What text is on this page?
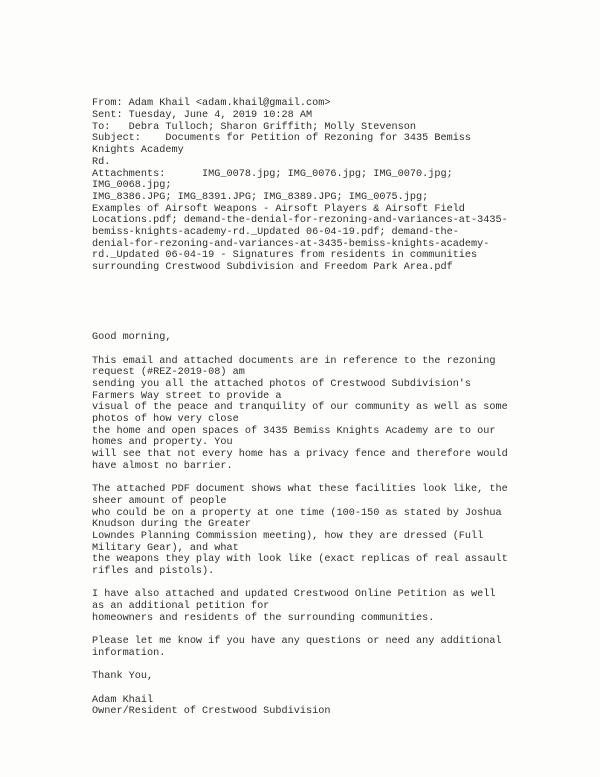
From: Adam Khail <adam.khail@gmail.com>
Sent: Tuesday, June 4, 2019 10:28 AM
To:   Debra Tulloch; Sharon Griffith; Molly Stevenson
Subject:    Documents for Petition of Rezoning for 3435 Bemiss
Knights Academy
Rd.
Attachments:      IMG_0078.jpg; IMG_0076.jpg; IMG_0070.jpg;
IMG_0068.jpg;
IMG_8386.JPG; IMG_8391.JPG; IMG_8389.JPG; IMG_0075.jpg;
Examples of Airsoft Weapons - Airsoft Players & Airsoft Field
Locations.pdf; demand-the-denial-for-rezoning-and-variances-at-3435-
bemiss-knights-academy-rd._Updated 06-04-19.pdf; demand-the-
denial-for-rezoning-and-variances-at-3435-bemiss-knights-academy-
rd._Updated 06-04-19 - Signatures from residents in communities
surrounding Crestwood Subdivision and Freedom Park Area.pdf

Good morning,
This email and attached documents are in reference to the rezoning
request (#REZ-2019-08) am
sending you all the attached photos of Crestwood Subdivision's
Farmers Way street to provide a
visual of the peace and tranquility of our community as well as some
photos of how very close
the home and open spaces of 3435 Bemiss Knights Academy are to our
homes and property. You
will see that not every home has a privacy fence and therefore would
have almost no barrier.
The attached PDF document shows what these facilities look like, the
sheer amount of people
who could be on a property at one time (100-150 as stated by Joshua
Knudson during the Greater
Lowndes Planning Commission meeting), how they are dressed (Full
Military Gear), and what
the weapons they play with look like (exact replicas of real assault
rifles and pistols).
I have also attached and updated Crestwood Online Petition as well
as an additional petition for
homeowners and residents of the surrounding communities.
Please let me know if you have any questions or need any additional
information.
Thank You,
Adam Khail
Owner/Resident of Crestwood Subdivision
